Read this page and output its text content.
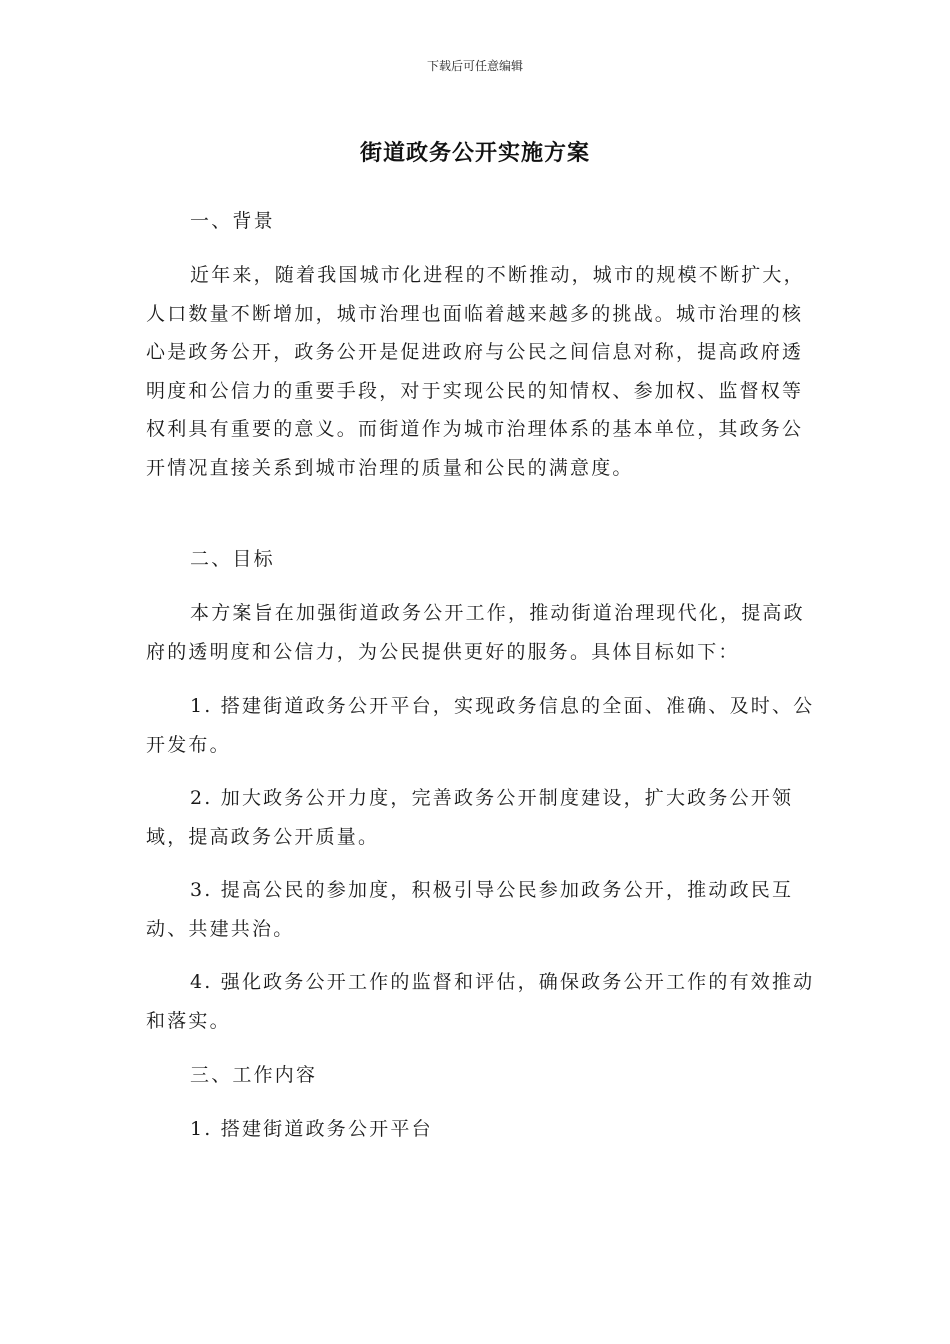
下载后可任意编辑
街道政务公开实施方案
一、背景
近年来，随着我国城市化进程的不断推动，城市的规模不断扩大，人口数量不断增加，城市治理也面临着越来越多的挑战。城市治理的核心是政务公开，政务公开是促进政府与公民之间信息对称，提高政府透明度和公信力的重要手段，对于实现公民的知情权、参加权、监督权等权利具有重要的意义。而街道作为城市治理体系的基本单位，其政务公开情况直接关系到城市治理的质量和公民的满意度。
二、目标
本方案旨在加强街道政务公开工作，推动街道治理现代化，提高政府的透明度和公信力，为公民提供更好的服务。具体目标如下：
1. 搭建街道政务公开平台，实现政务信息的全面、准确、及时、公开发布。
2. 加大政务公开力度，完善政务公开制度建设，扩大政务公开领域，提高政务公开质量。
3. 提高公民的参加度，积极引导公民参加政务公开，推动政民互动、共建共治。
4. 强化政务公开工作的监督和评估，确保政务公开工作的有效推动和落实。
三、工作内容
1. 搭建街道政务公开平台
